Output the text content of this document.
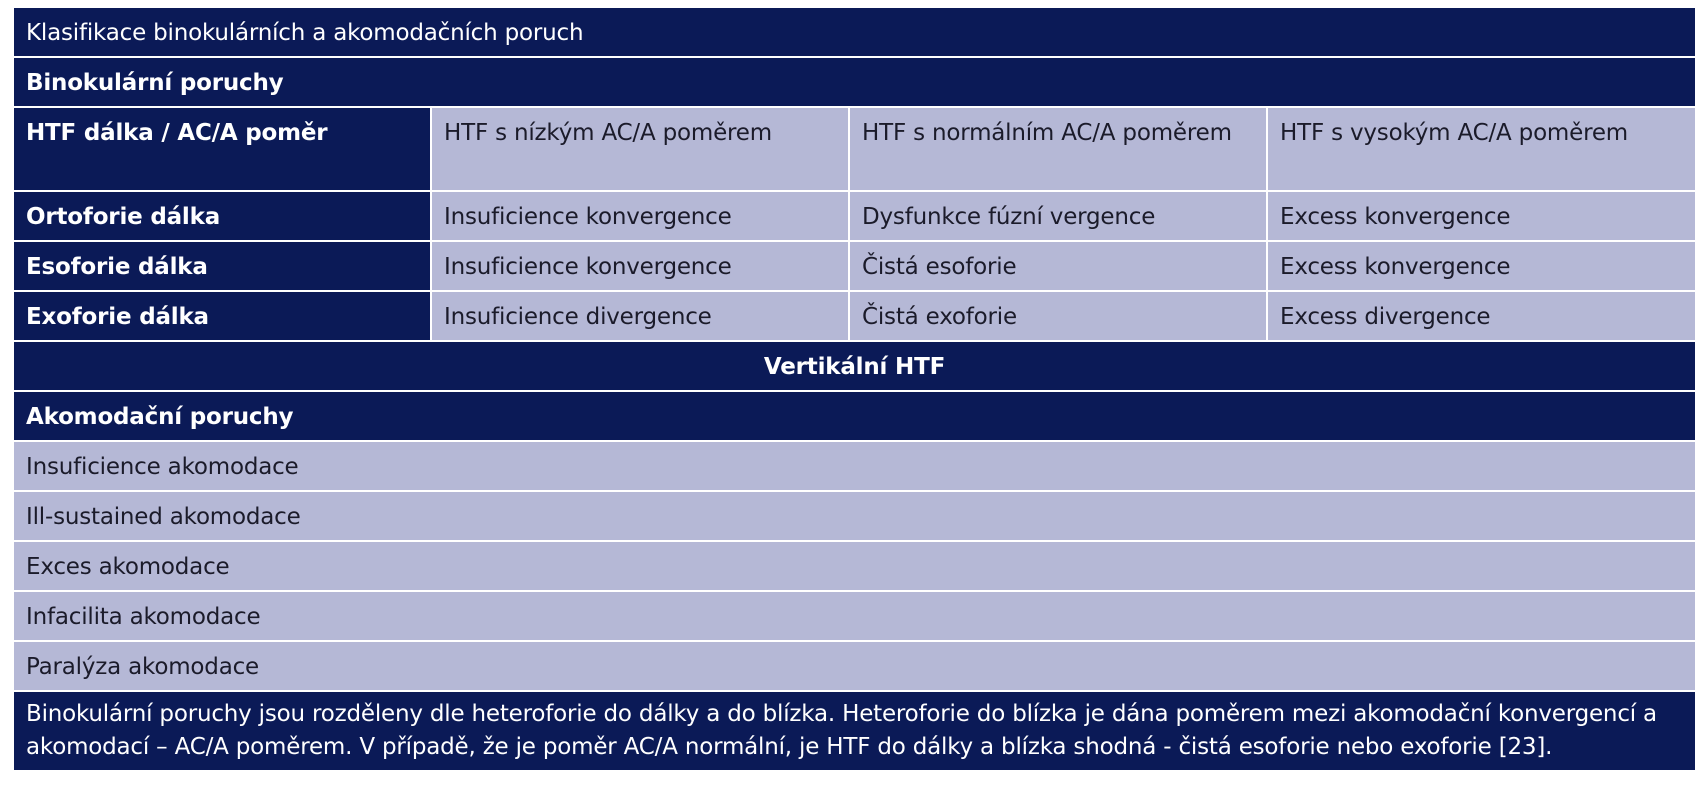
Klasifikace binokulárních a akomodačních poruch			
Binokulární poruchy			
HTF dálka / AC/A poměr	HTF s nízkým AC/A poměrem	HTF s normálním AC/A poměrem	HTF s vysokým AC/A poměrem
Ortoforie dálka	Insuficience konvergence	Dysfunkce fúzní vergence	Excess konvergence
Esoforie dálka	Insuficience konvergence	Čistá esoforie	Excess konvergence
Exoforie dálka	Insuficience divergence	Čistá exoforie	Excess divergence
Vertikální HTF			
Akomodační poruchy			
Insuficience akomodace			
Ill-sustained akomodace			
Exces akomodace			
Infacilita akomodace			
Paralýza akomodace			
Binokulární poruchy jsou rozděleny dle heteroforie do dálky a do blízka. Heteroforie do blízka je dána poměrem mezi akomodační konvergencí a akomodací – AC/A poměrem. V případě, že je poměr AC/A normální, je HTF do dálky a blízka shodná - čistá esoforie nebo exoforie [23].			
